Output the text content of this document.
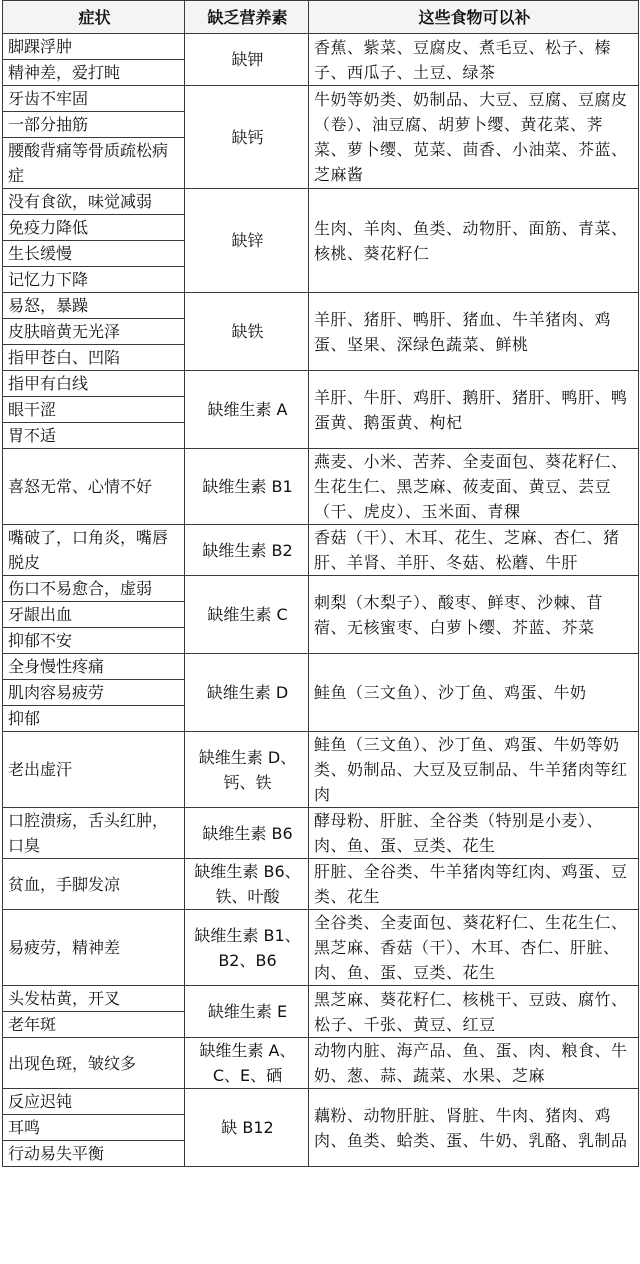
症状	缺乏营养素	这些食物可以补
脚踝浮肿	缺钾	香蕉、紫菜、豆腐皮、煮毛豆、松子、榛子、西瓜子、土豆、绿茶
精神差，爱打盹		
牙齿不牢固	缺钙	牛奶等奶类、奶制品、大豆、豆腐、豆腐皮（卷）、油豆腐、胡萝卜缨、黄花菜、荠菜、萝卜缨、苋菜、茴香、小油菜、芥蓝、芝麻酱
一部分抽筋		
腰酸背痛等骨质疏松病症		
没有食欲，味觉减弱	缺锌	生肉、羊肉、鱼类、动物肝、面筋、青菜、核桃、葵花籽仁
免疫力降低		
生长缓慢		
记忆力下降		
易怒，暴躁	缺铁	羊肝、猪肝、鸭肝、猪血、牛羊猪肉、鸡蛋、坚果、深绿色蔬菜、鲜桃
皮肤暗黄无光泽		
指甲苍白、凹陷		
指甲有白线	缺维生素 A	羊肝、牛肝、鸡肝、鹅肝、猪肝、鸭肝、鸭蛋黄、鹅蛋黄、枸杞
眼干涩		
胃不适		
喜怒无常、心情不好	缺维生素 B1	燕麦、小米、苦荞、全麦面包、葵花籽仁、生花生仁、黑芝麻、莜麦面、黄豆、芸豆（干、虎皮）、玉米面、青稞
嘴破了，口角炎，嘴唇脱皮	缺维生素 B2	香菇（干）、木耳、花生、芝麻、杏仁、猪肝、羊肾、羊肝、冬菇、松蘑、牛肝
伤口不易愈合，虚弱	缺维生素 C	刺梨（木梨子）、酸枣、鲜枣、沙棘、苜蓿、无核蜜枣、白萝卜缨、芥蓝、芥菜
牙龈出血		
抑郁不安		
全身慢性疼痛	缺维生素 D	鲑鱼（三文鱼）、沙丁鱼、鸡蛋、牛奶
肌肉容易疲劳		
抑郁		
老出虚汗	缺维生素 D、钙、铁	鲑鱼（三文鱼）、沙丁鱼、鸡蛋、牛奶等奶类、奶制品、大豆及豆制品、牛羊猪肉等红肉
口腔溃疡，舌头红肿，口臭	缺维生素 B6	酵母粉、肝脏、全谷类（特别是小麦）、肉、鱼、蛋、豆类、花生
贫血，手脚发凉	缺维生素 B6、铁、叶酸	肝脏、全谷类、牛羊猪肉等红肉、鸡蛋、豆类、花生
易疲劳，精神差	缺维生素 B1、B2、B6	全谷类、全麦面包、葵花籽仁、生花生仁、黑芝麻、香菇（干）、木耳、杏仁、肝脏、肉、鱼、蛋、豆类、花生
头发枯黄，开叉	缺维生素 E	黑芝麻、葵花籽仁、核桃干、豆豉、腐竹、松子、千张、黄豆、红豆
老年斑		
出现色斑，皱纹多	缺维生素 A、C、E、硒	动物内脏、海产品、鱼、蛋、肉、粮食、牛奶、葱、蒜、蔬菜、水果、芝麻
反应迟钝	缺 B12	藕粉、动物肝脏、肾脏、牛肉、猪肉、鸡肉、鱼类、蛤类、蛋、牛奶、乳酪、乳制品
耳鸣		
行动易失平衡		
